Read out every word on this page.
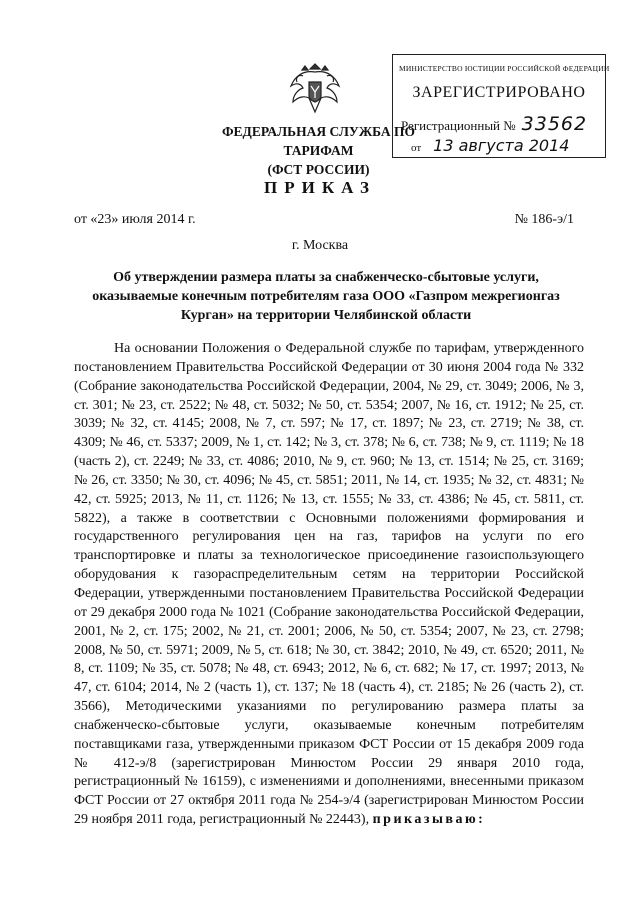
ФЕДЕРАЛЬНАЯ СЛУЖБА ПО ТАРИФАМ
(ФСТ РОССИИ)
МИНИСТЕРСТВО ЮСТИЦИИ РОССИЙСКОЙ ФЕДЕРАЦИИ
ЗАРЕГИСТРИРОВАНО
Регистрационный № 33562
от 13 августа 2014
ПРИКАЗ
от «23» июля 2014 г.	№ 186-э/1
г. Москва
Об утверждении размера платы за снабженческо-сбытовые услуги, оказываемые конечным потребителям газа ООО «Газпром межрегионгаз Курган» на территории Челябинской области
На основании Положения о Федеральной службе по тарифам, утвержденного постановлением Правительства Российской Федерации от 30 июня 2004 года № 332 (Собрание законодательства Российской Федерации, 2004, № 29, ст. 3049; 2006, № 3, ст. 301; № 23, ст. 2522; № 48, ст. 5032; № 50, ст. 5354; 2007, № 16, ст. 1912; № 25, ст. 3039; № 32, ст. 4145; 2008, № 7, ст. 597; № 17, ст. 1897; № 23, ст. 2719; № 38, ст. 4309; № 46, ст. 5337; 2009, № 1, ст. 142; № 3, ст. 378; № 6, ст. 738; № 9, ст. 1119; № 18 (часть 2), ст. 2249; № 33, ст. 4086; 2010, № 9, ст. 960; № 13, ст. 1514; № 25, ст. 3169; № 26, ст. 3350; № 30, ст. 4096; № 45, ст. 5851; 2011, № 14, ст. 1935; № 32, ст. 4831; № 42, ст. 5925; 2013, № 11, ст. 1126; № 13, ст. 1555; № 33, ст. 4386; № 45, ст. 5811, ст. 5822), а также в соответствии с Основными положениями формирования и государственного регулирования цен на газ, тарифов на услуги по его транспортировке и платы за технологическое присоединение газоиспользующего оборудования к газораспределительным сетям на территории Российской Федерации, утвержденными постановлением Правительства Российской Федерации от 29 декабря 2000 года № 1021 (Собрание законодательства Российской Федерации, 2001, № 2, ст. 175; 2002, № 21, ст. 2001; 2006, № 50, ст. 5354; 2007, № 23, ст. 2798; 2008, № 50, ст. 5971; 2009, № 5, ст. 618; № 30, ст. 3842; 2010, № 49, ст. 6520; 2011, № 8, ст. 1109; № 35, ст. 5078; № 48, ст. 6943; 2012, № 6, ст. 682; № 17, ст. 1997; 2013, № 47, ст. 6104; 2014, № 2 (часть 1), ст. 137; № 18 (часть 4), ст. 2185; № 26 (часть 2), ст. 3566), Методическими указаниями по регулированию размера платы за снабженческо-сбытовые услуги, оказываемые конечным потребителям поставщиками газа, утвержденными приказом ФСТ России от 15 декабря 2009 года № 412-э/8 (зарегистрирован Минюстом России 29 января 2010 года, регистрационный № 16159), с изменениями и дополнениями, внесенными приказом ФСТ России от 27 октября 2011 года № 254-э/4 (зарегистрирован Минюстом России 29 ноября 2011 года, регистрационный № 22443), приказываю:
